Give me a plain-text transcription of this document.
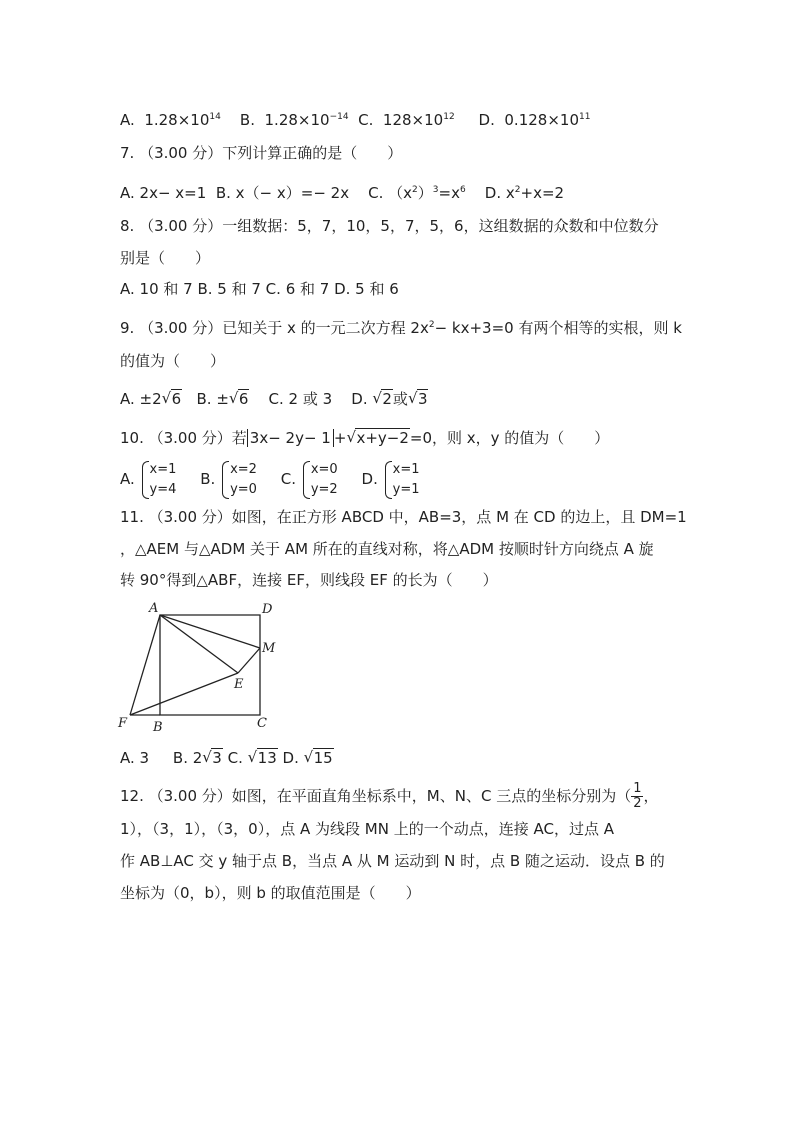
A. $1.28\times 10^{14}$ B. $1.28\times 10^{-14}$ C. $128\times 10^{12}$ D. $0.128\times 10^{11}$
7. （3.00 分）下列计算正确的是（　　）
A. 2x− x=1 B. x（− x）=− 2x C. $(x^2)^3=x^6$ D. $x^2+x=2$
8. （3.00 分）一组数据：5，7，10，5，7，5，6，这组数据的众数和中位数分
别是（　　）
A. 10 和 7 B. 5 和 7 C. 6 和 7 D. 5 和 6
9. （3.00 分）已知关于 x 的一元二次方程 $2x^2- kx+3=0$ 有两个相等的实根，则 k
的值为（　　）
A. ±2 √ 6 B. ± √ 6 C. 2 或 3 D. √ 2或 √ 3
10. （3.00 分）若 3x− 2y− 1 + √ x+y−2=0，则 x，y 的值为（　　）
A.
x=1
y=4
B.
x=2
y=0
C.
x=0
y=2
D.
x=1
y=1
11. （3.00 分）如图，在正方形 ABCD 中，AB=3，点 M 在 CD 的边上，且 DM=1
，△AEM 与△ADM 关于 AM 所在的直线对称，将△ADM 按顺时针方向绕点 A 旋
转 90°得到△ABF，连接 EF，则线段 EF 的长为（　　）
A	D
M
E
F B	C
A. 3 B. 2 √ 3 C. √ 13 D. √ 15
12. （3.00 分）如图，在平面直角坐标系中，M、N、C 三点的坐标分别为（ $\frac{1}{2}$ ，
1），（3，1），（3，0），点 A 为线段 MN 上的一个动点，连接 AC，过点 A
作 AB⊥AC 交 y 轴于点 B，当点 A 从 M 运动到 N 时，点 B 随之运动．设点 B 的
坐标为（0，b），则 b 的取值范围是（　　）
